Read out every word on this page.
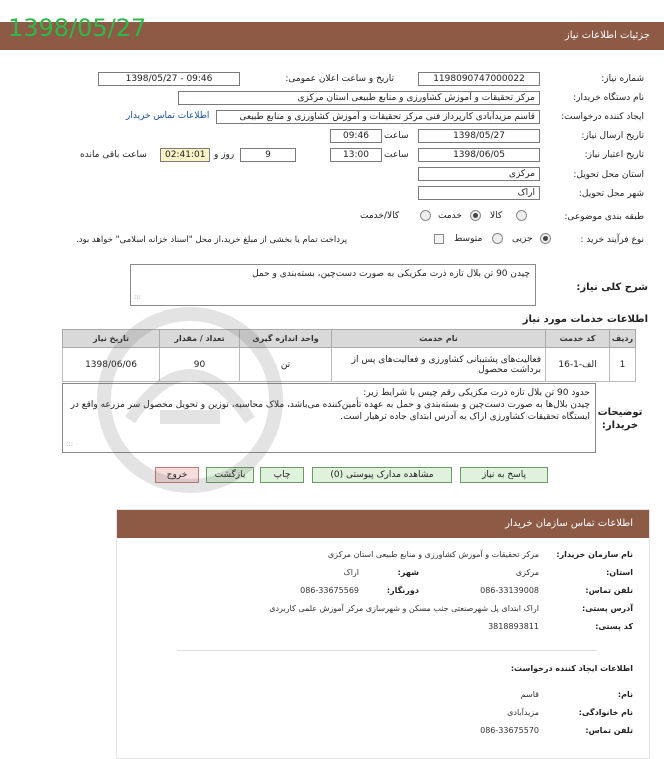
1398/05/27	جزئیات اطلاعات نیاز
شماره نیاز:
1198090747000022
تاریخ و ساعت اعلان عمومی:
1398/05/27 - 09:46
نام دستگاه خریدار:
مرکز تحقیقات و آموزش کشاورزی و منابع طبیعی استان مرکزی
ایجاد کننده درخواست:
قاسم مزیدآبادی کارپرداز فنی مرکز تحقیقات و آموزش کشاورزی و منابع طبیعی
اطلاعات تماس خریدار
تاریخ ارسال نیاز:
1398/05/27
ساعت
09:46
تاریخ اعتبار نیاز:
1398/06/05
ساعت
13:00
9
روز و
02:41:01
ساعت باقی مانده
استان محل تحویل:
مرکزی
شهر محل تحویل:
اراک
طبقه بندی موضوعی:
کالا
خدمت
کالا/خدمت
نوع فرآیند خرید :
جزیی
متوسط
پرداخت تمام یا بخشی از مبلغ خرید،از محل "اسناد خزانه اسلامی" خواهد بود.
شرح کلی نیاز:
چیدن 90 تن بلال تازه ذرت مکزیکی به صورت دست‌چین، بسته‌بندی و حمل
:::
اطلاعات خدمات مورد نیاز
ردیف	کد خدمت	نام خدمت	واحد اندازه گیری	تعداد / مقدار	تاریخ نیاز
1	الف-1-16	فعالیت‌های پشتیبانی کشاورزی و فعالیت‌های پس از برداشت محصول	تن	90	1398/06/06
توضیحات خریدار:
حدود 90 تن بلال تازه ذرت مکزیکی رقم چیس با شرایط زیر:
چیدن بلال‌ها به صورت دست‌چین و بسته‌بندی و حمل به عهده تأمین‌کننده می‌باشد، ملاک محاسبه، توزین و تحویل محصول سر مزرعه واقع در ایستگاه تحقیقات کشاورزی اراک به آدرس ابتدای جاده ترهبار است.
:::
پاسخ به نیاز
مشاهده مدارک پیوستی (0)
چاپ
بازگشت
خروج
اطلاعات تماس سازمان خریدار
نام سازمان خریدار:
مرکز تحقیقات و آموزش کشاورزی و منابع طبیعی استان مرکزی
استان:
مرکزی
شهر:
اراک
تلفن تماس:
086-33139008
دورنگار:
086-33675569
آدرس پستی:
اراک ابتدای پل شهرصنعتی جنب مسکن و شهرسازی مرکز آموزش علمی کاربردی
کد پستی:
3818893811
اطلاعات ایجاد کننده درخواست:
نام:
قاسم
نام خانوادگی:
مزیدآبادی
تلفن تماس:
086-33675570
